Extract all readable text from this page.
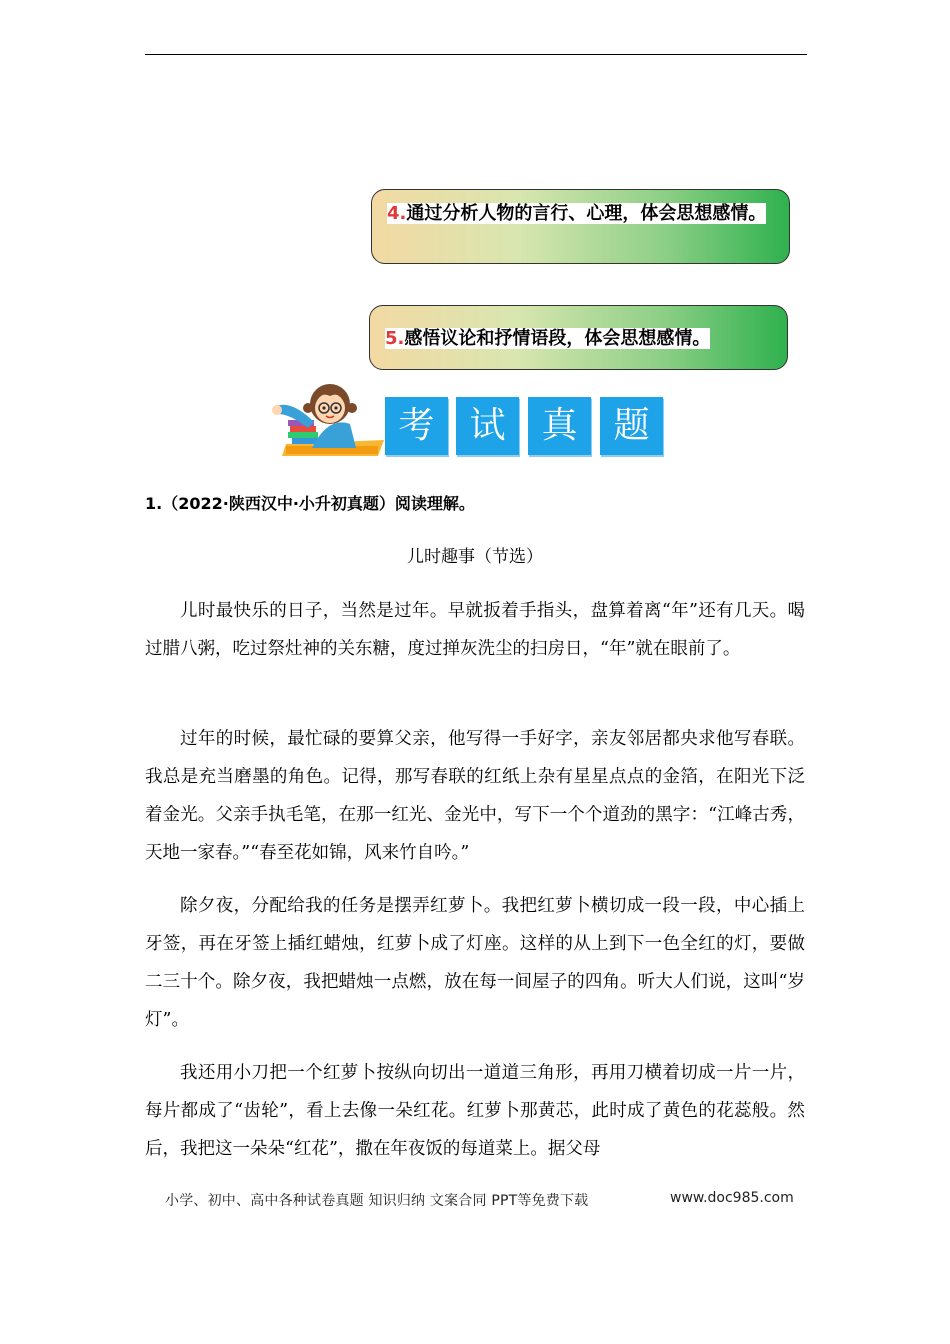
4.通过分析人物的言行、心理，体会思想感情。
5.感悟议论和抒情语段，体会思想感情。
考 试 真 题
1.（2022·陕西汉中·小升初真题）阅读理解。
儿时趣事（节选）
儿时最快乐的日子，当然是过年。早就扳着手指头，盘算着离“年”还有几天。喝过腊八粥，吃过祭灶神的关东糖，度过掸灰洗尘的扫房日，“年”就在眼前了。
过年的时候，最忙碌的要算父亲，他写得一手好字，亲友邻居都央求他写春联。我总是充当磨墨的角色。记得，那写春联的红纸上杂有星星点点的金箔，在阳光下泛着金光。父亲手执毛笔，在那一红光、金光中，写下一个个道劲的黑字：“江峰古秀，天地一家春。”“春至花如锦，风来竹自吟。”
除夕夜，分配给我的任务是摆弄红萝卜。我把红萝卜横切成一段一段，中心插上牙签，再在牙签上插红蜡烛，红萝卜成了灯座。这样的从上到下一色全红的灯，要做二三十个。除夕夜，我把蜡烛一点燃，放在每一间屋子的四角。听大人们说，这叫“岁灯”。
我还用小刀把一个红萝卜按纵向切出一道道三角形，再用刀横着切成一片一片，每片都成了“齿轮”，看上去像一朵红花。红萝卜那黄芯，此时成了黄色的花蕊般。然后，我把这一朵朵“红花”，撒在年夜饭的每道菜上。据父母
小学、初中、高中各种试卷真题 知识归纳 文案合同 PPT等免费下载	www.doc985.com
